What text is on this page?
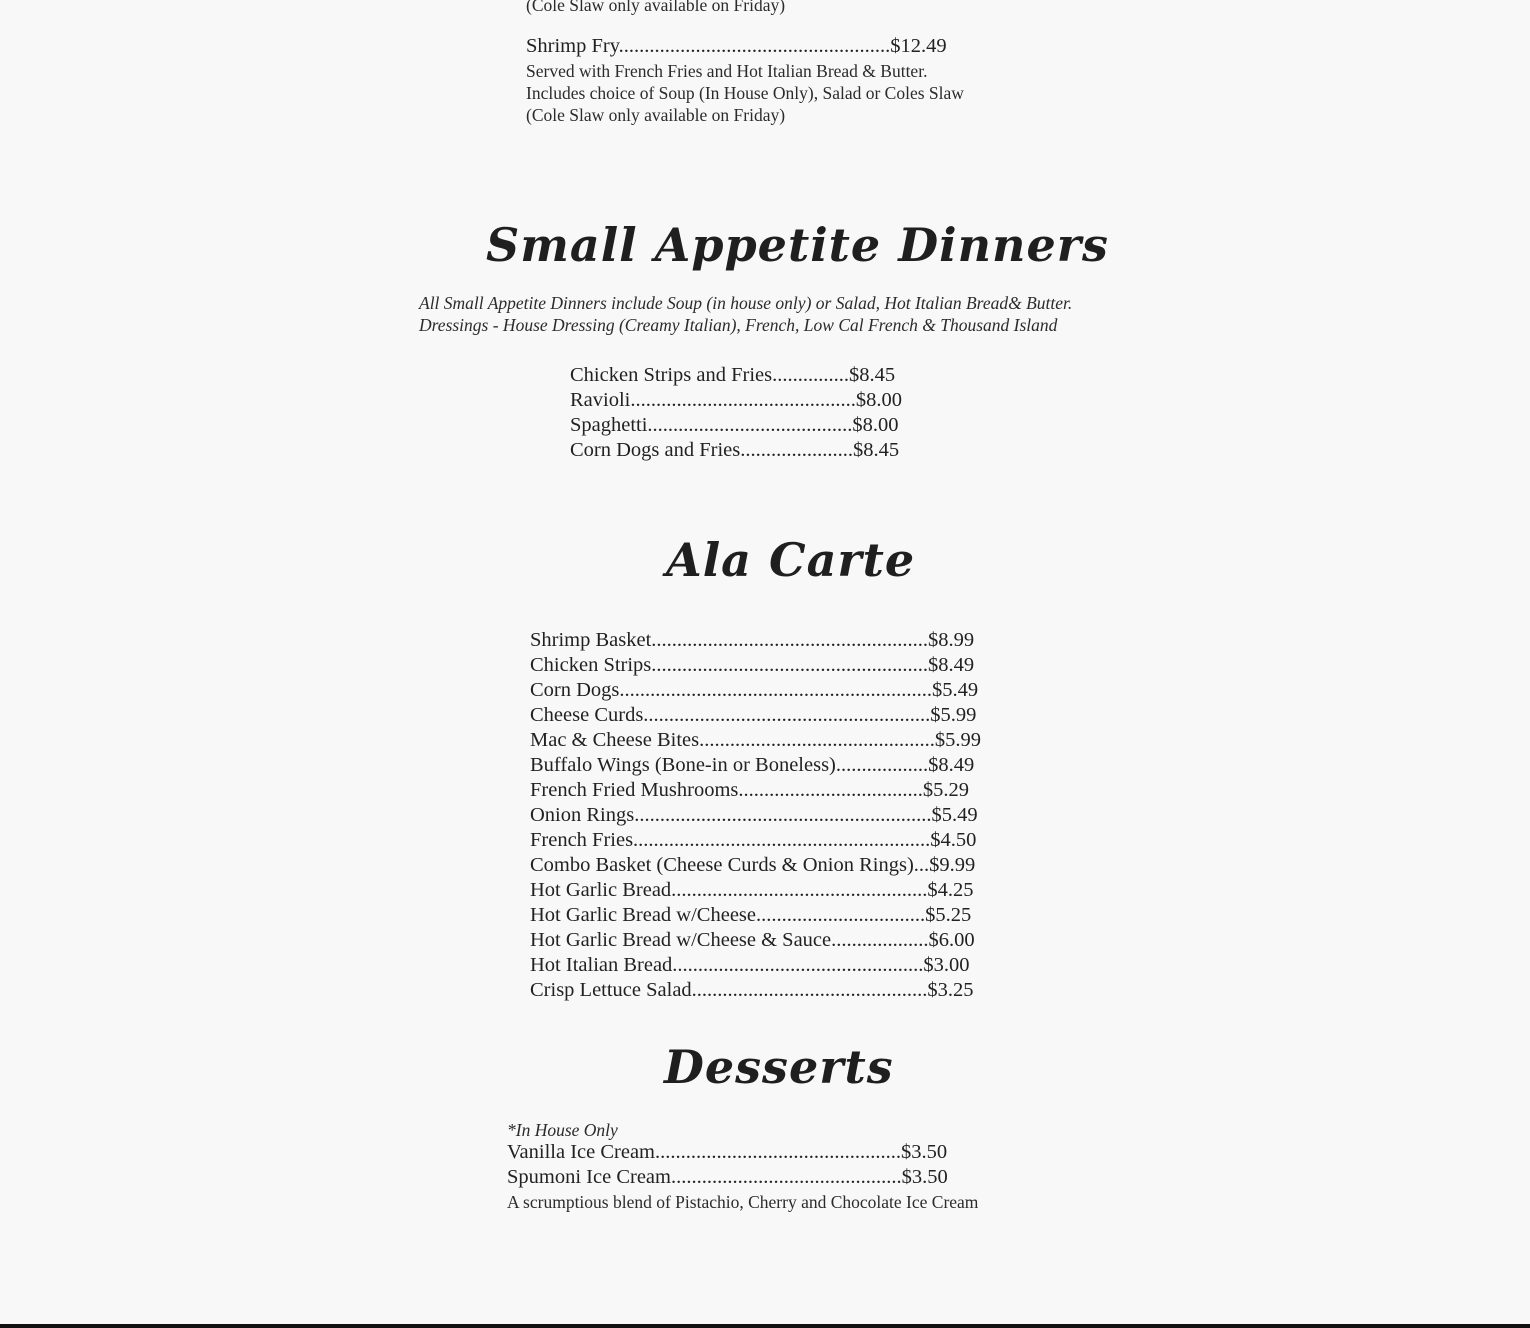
(Cole Slaw only available on Friday)
Shrimp Fry.....................................................$12.49
Served with French Fries and Hot Italian Bread & Butter.
Includes choice of Soup (In House Only), Salad or Coles Slaw
(Cole Slaw only available on Friday)
Small Appetite Dinners
All Small Appetite Dinners include Soup (in house only) or Salad, Hot Italian Bread& Butter.
Dressings - House Dressing (Creamy Italian), French, Low Cal French & Thousand Island
Chicken Strips and Fries...............$8.45
Ravioli............................................$8.00
Spaghetti........................................$8.00
Corn Dogs and Fries......................$8.45
Ala Carte
Shrimp Basket......................................................$8.99
Chicken Strips......................................................$8.49
Corn Dogs.............................................................$5.49
Cheese Curds........................................................$5.99
Mac & Cheese Bites..............................................$5.99
Buffalo Wings (Bone-in or Boneless)..................$8.49
French Fried Mushrooms....................................$5.29
Onion Rings..........................................................$5.49
French Fries..........................................................$4.50
Combo Basket (Cheese Curds & Onion Rings)...$9.99
Hot Garlic Bread..................................................$4.25
Hot Garlic Bread w/Cheese.................................$5.25
Hot Garlic Bread w/Cheese & Sauce...................$6.00
Hot Italian Bread.................................................$3.00
Crisp Lettuce Salad..............................................$3.25
Desserts
*In House Only
Vanilla Ice Cream................................................$3.50
Spumoni Ice Cream.............................................$3.50
A scrumptious blend of Pistachio, Cherry and Chocolate Ice Cream
